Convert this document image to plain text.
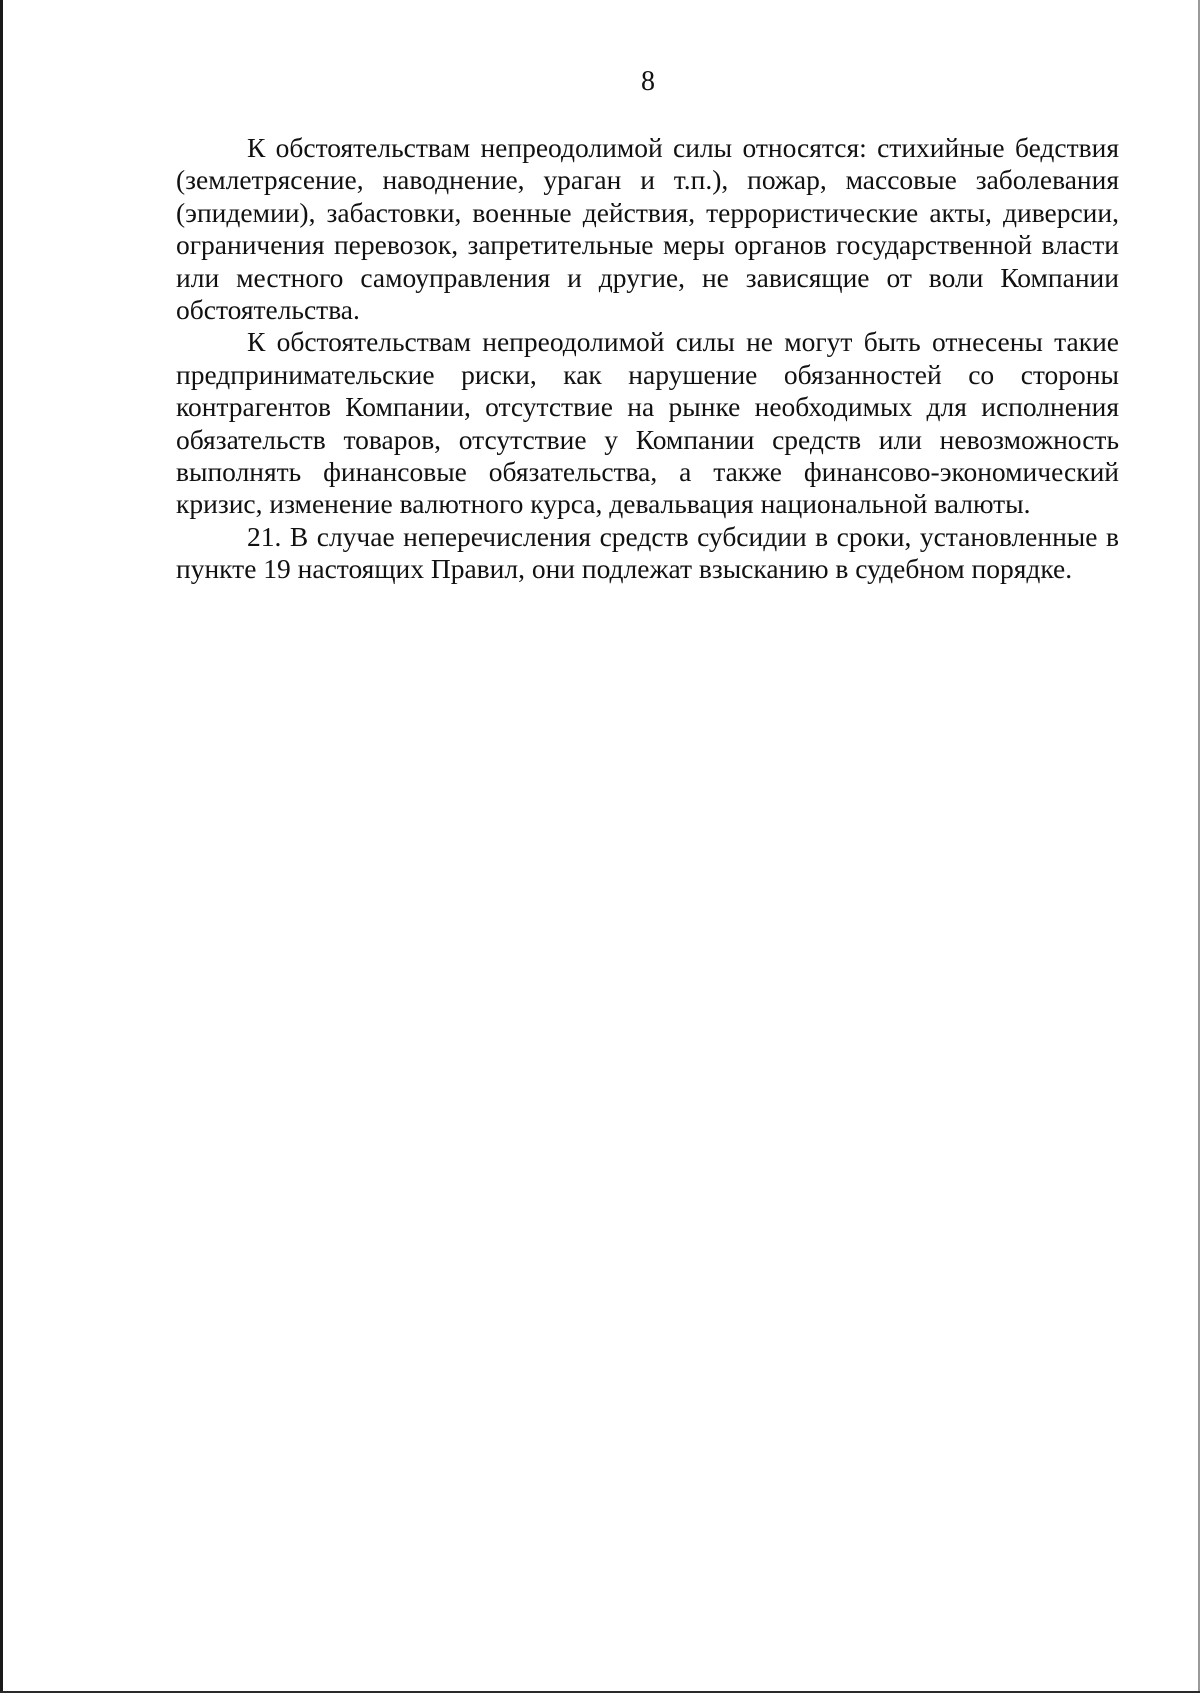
8

К обстоятельствам непреодолимой силы относятся: стихийные бедствия (землетрясение, наводнение, ураган и т.п.), пожар, массовые заболевания (эпидемии), забастовки, военные действия, террористические акты, диверсии, ограничения перевозок, запретительные меры органов государственной власти или местного самоуправления и другие, не зависящие от воли Компании обстоятельства.

К обстоятельствам непреодолимой силы не могут быть отнесены такие предпринимательские риски, как нарушение обязанностей со стороны контрагентов Компании, отсутствие на рынке необходимых для исполнения обязательств товаров, отсутствие у Компании средств или невозможность выполнять финансовые обязательства, а также финансово-экономический кризис, изменение валютного курса, девальвация национальной валюты.

21. В случае неперечисления средств субсидии в сроки, установленные в пункте 19 настоящих Правил, они подлежат взысканию в судебном порядке.
